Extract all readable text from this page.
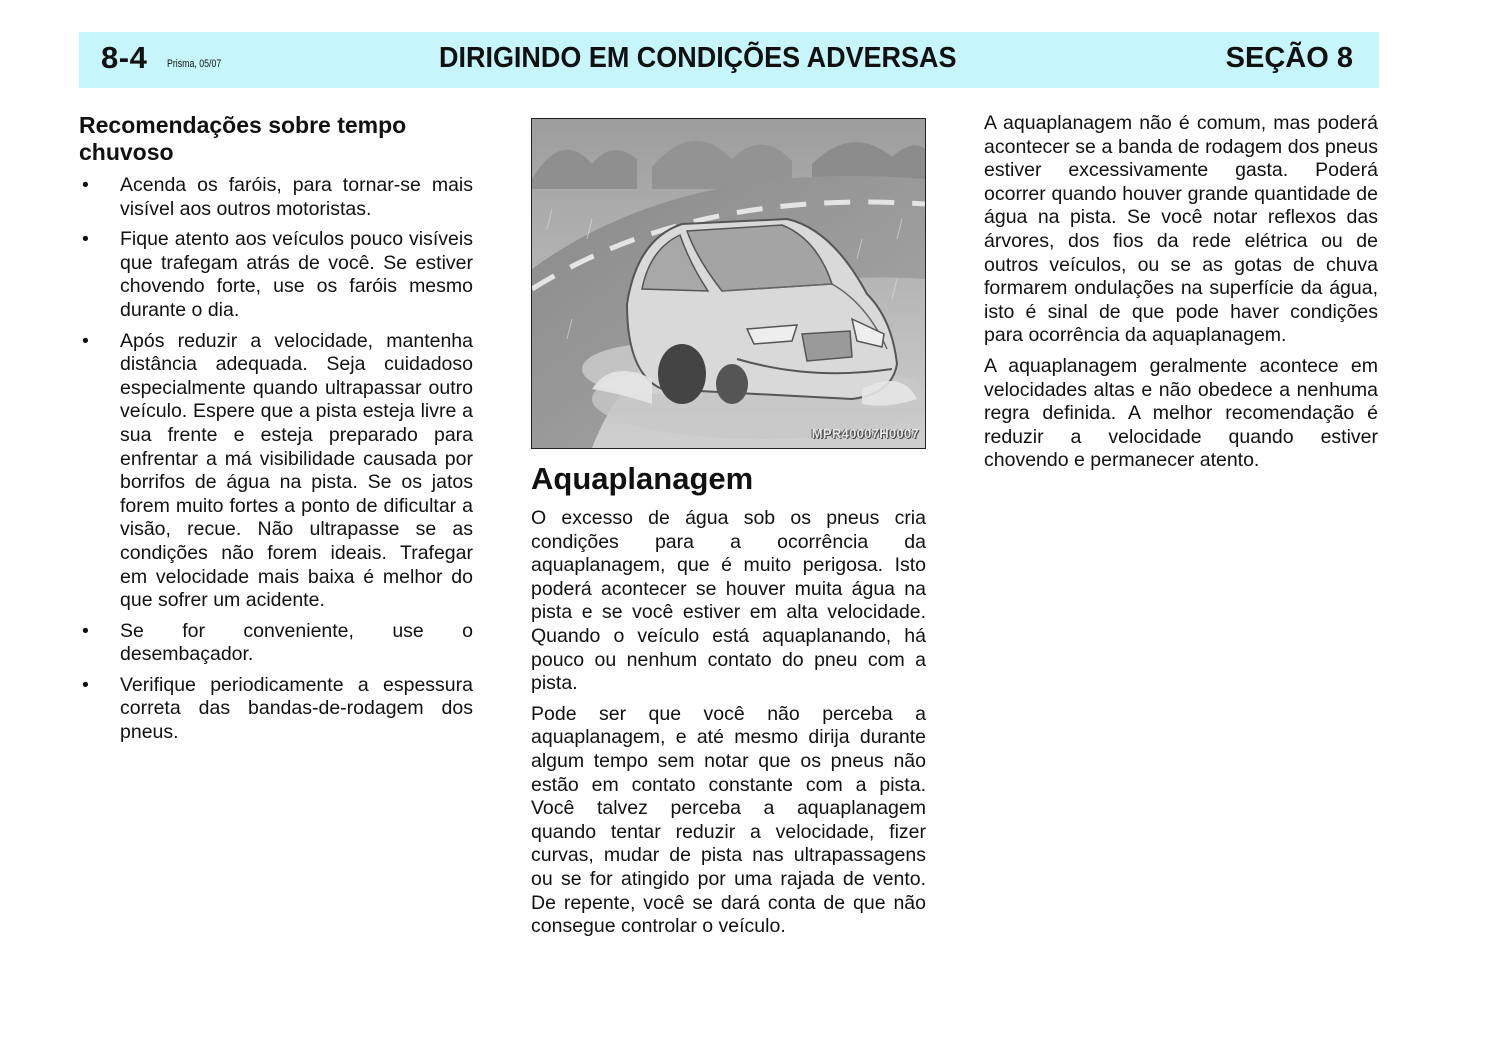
8-4 Prisma, 05/07	DIRIGINDO EM CONDIÇÕES ADVERSAS	SEÇÃO 8
Recomendações sobre tempo chuvoso
• Acenda os faróis, para tornar-se mais visível aos outros motoristas.
• Fique atento aos veículos pouco visíveis que trafegam atrás de você. Se estiver chovendo forte, use os faróis mesmo durante o dia.
• Após reduzir a velocidade, mantenha distância adequada. Seja cuidadoso especialmente quando ultrapassar outro veículo. Espere que a pista esteja livre a sua frente e esteja preparado para enfrentar a má visibilidade causada por borrifos de água na pista. Se os jatos forem muito fortes a ponto de dificultar a visão, recue. Não ultrapasse se as condições não forem ideais. Trafegar em velocidade mais baixa é melhor do que sofrer um acidente.
• Se for conveniente, use o desembaçador.
• Verifique periodicamente a espessura correta das bandas-de-rodagem dos pneus.
MPR40007H0007
Aquaplanagem

O excesso de água sob os pneus cria condições para a ocorrência da aquaplanagem, que é muito perigosa. Isto poderá acontecer se houver muita água na pista e se você estiver em alta velocidade. Quando o veículo está aquaplanando, há pouco ou nenhum contato do pneu com a pista.

Pode ser que você não perceba a aquaplanagem, e até mesmo dirija durante algum tempo sem notar que os pneus não estão em contato constante com a pista. Você talvez perceba a aquaplanagem quando tentar reduzir a velocidade, fizer curvas, mudar de pista nas ultrapassagens ou se for atingido por uma rajada de vento. De repente, você se dará conta de que não consegue controlar o veículo.

A aquaplanagem não é comum, mas poderá acontecer se a banda de rodagem dos pneus estiver excessivamente gasta. Poderá ocorrer quando houver grande quantidade de água na pista. Se você notar reflexos das árvores, dos fios da rede elétrica ou de outros veículos, ou se as gotas de chuva formarem ondulações na superfície da água, isto é sinal de que pode haver condições para ocorrência da aquaplanagem.

A aquaplanagem geralmente acontece em velocidades altas e não obedece a nenhuma regra definida. A melhor recomendação é reduzir a velocidade quando estiver chovendo e permanecer atento.
